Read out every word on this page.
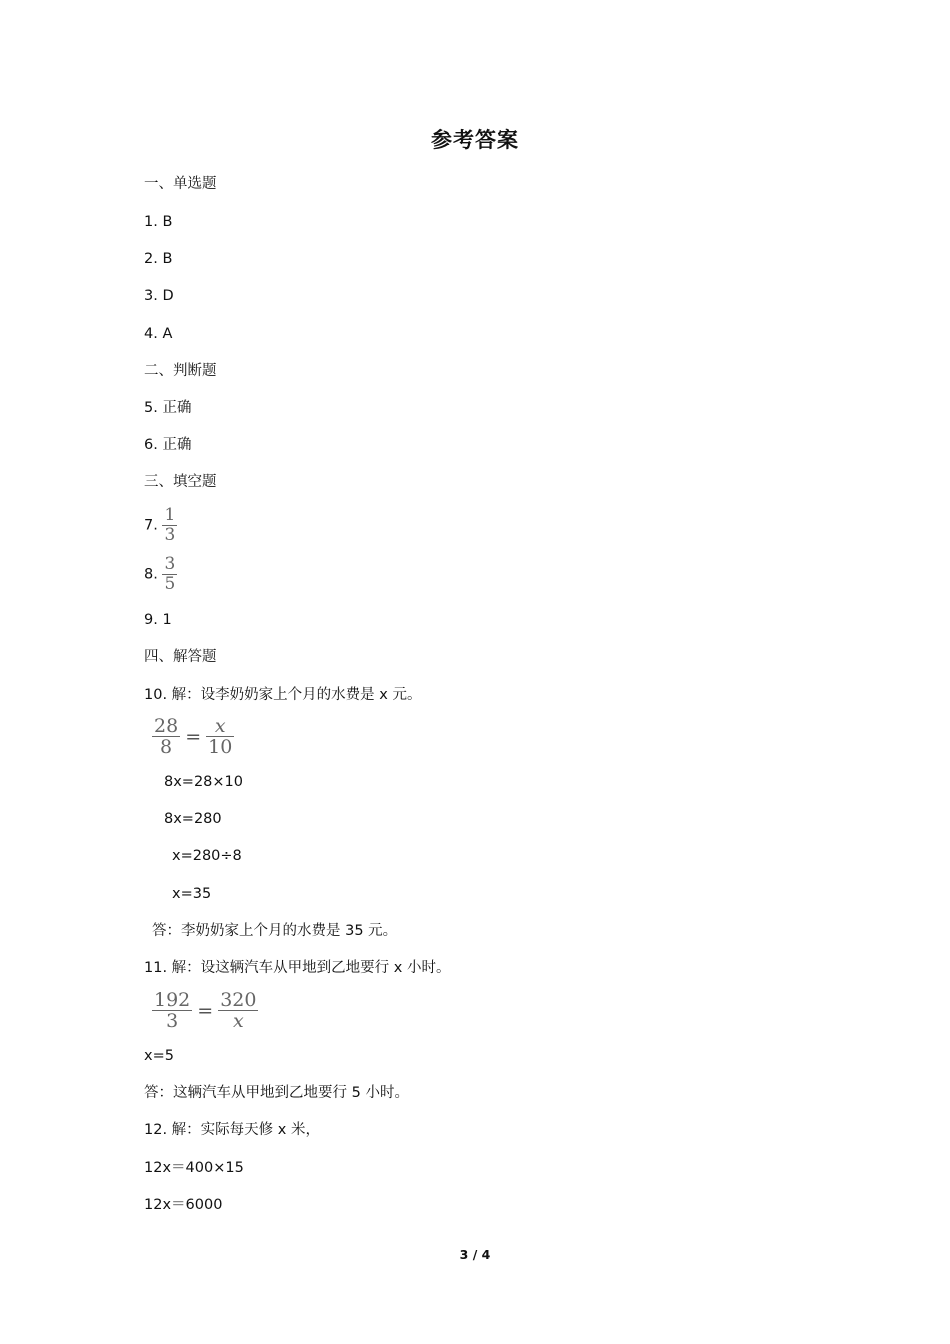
参考答案
一、单选题
1. B
2. B
3. D
4. A
二、判断题
5. 正确
6. 正确
三、填空题
7. $\frac{1}{3}$
8. $\frac{3}{5}$
9. 1
四、解答题
10. 解：设李奶奶家上个月的水费是 x 元。
$\frac{28}{8} = \frac{x}{10}$
8x=28×10
8x=280
x=280÷8
x=35
答：李奶奶家上个月的水费是 35 元。
11. 解：设这辆汽车从甲地到乙地要行 x 小时。
$\frac{192}{3} = \frac{320}{x}$
x=5
答：这辆汽车从甲地到乙地要行 5 小时。
12. 解：实际每天修 x 米，
12x＝400×15
12x＝6000
3 / 4
